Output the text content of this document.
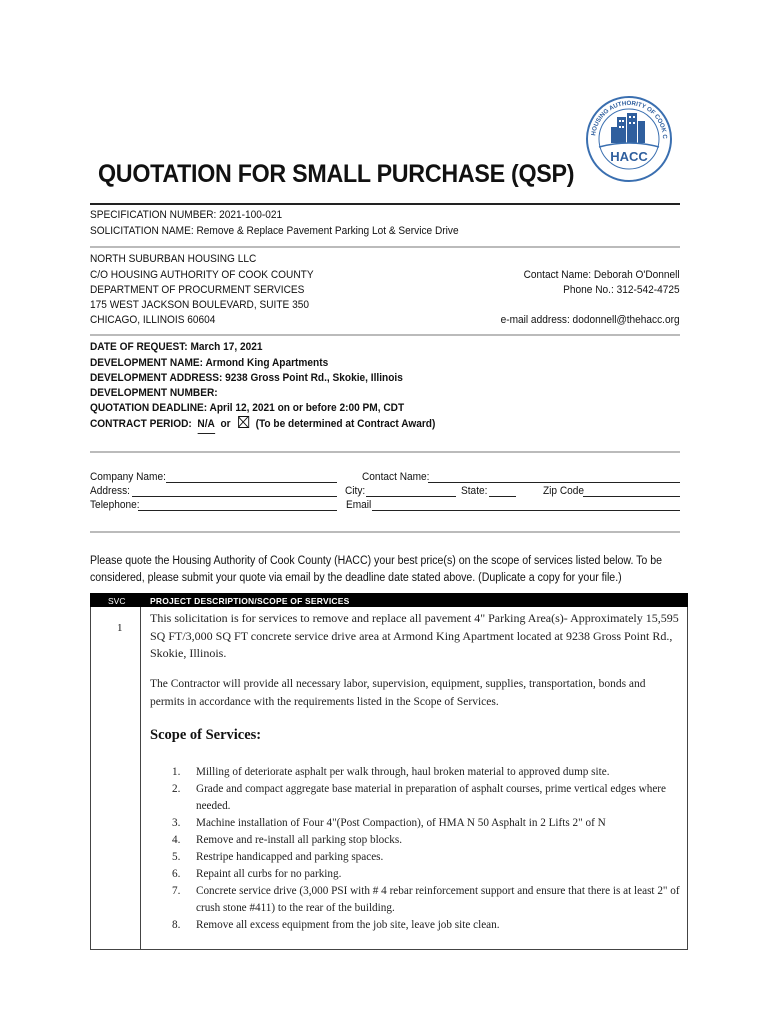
HOUSING AUTHORITY OF COOK C
HACC
QUOTATION FOR SMALL PURCHASE (QSP)
SPECIFICATION NUMBER: 2021-100-021
SOLICITATION NAME: Remove & Replace Pavement Parking Lot & Service Drive
NORTH SUBURBAN HOUSING LLC
C/O HOUSING AUTHORITY OF COOK COUNTY
DEPARTMENT OF PROCURMENT SERVICES
175 WEST JACKSON BOULEVARD, SUITE 350
CHICAGO, ILLINOIS 60604
Contact Name: Deborah O'Donnell
Phone No.: 312-542-4725
e-mail address: dodonnell@thehacc.org
DATE OF REQUEST: March 17, 2021
DEVELOPMENT NAME: Armond King Apartments
DEVELOPMENT ADDRESS: 9238 Gross Point Rd., Skokie, Illinois
DEVELOPMENT NUMBER:
QUOTATION DEADLINE: April 12, 2021 on or before 2:00 PM, CDT
CONTRACT PERIOD: N/A or (To be determined at Contract Award)
Company Name:	Contact Name:
Address:	City:	State:	Zip Code
Telephone:	Email
Please quote the Housing Authority of Cook County (HACC) your best price(s) on the scope of services listed below. To be
considered, please submit your quote via email by the deadline date stated above. (Duplicate a copy for your file.)
SVC	PROJECT DESCRIPTION/SCOPE OF SERVICES
1
This solicitation is for services to remove and replace all pavement 4" Parking Area(s)- Approximately 15,595 SQ FT/3,000 SQ FT concrete service drive area at Armond King Apartment located at 9238 Gross Point Rd., Skokie, Illinois.
The Contractor will provide all necessary labor, supervision, equipment, supplies, transportation, bonds and permits in accordance with the requirements listed in the Scope of Services.
Scope of Services:
1. Milling of deteriorate asphalt per walk through, haul broken material to approved dump site.
2. Grade and compact aggregate base material in preparation of asphalt courses, prime vertical edges where needed.
3. Machine installation of Four 4"(Post Compaction), of HMA N 50 Asphalt in 2 Lifts 2" of N
4. Remove and re-install all parking stop blocks.
5. Restripe handicapped and parking spaces.
6. Repaint all curbs for no parking.
7. Concrete service drive (3,000 PSI with # 4 rebar reinforcement support and ensure that there is at least 2" of crush stone #411) to the rear of the building.
8. Remove all excess equipment from the job site, leave job site clean.
